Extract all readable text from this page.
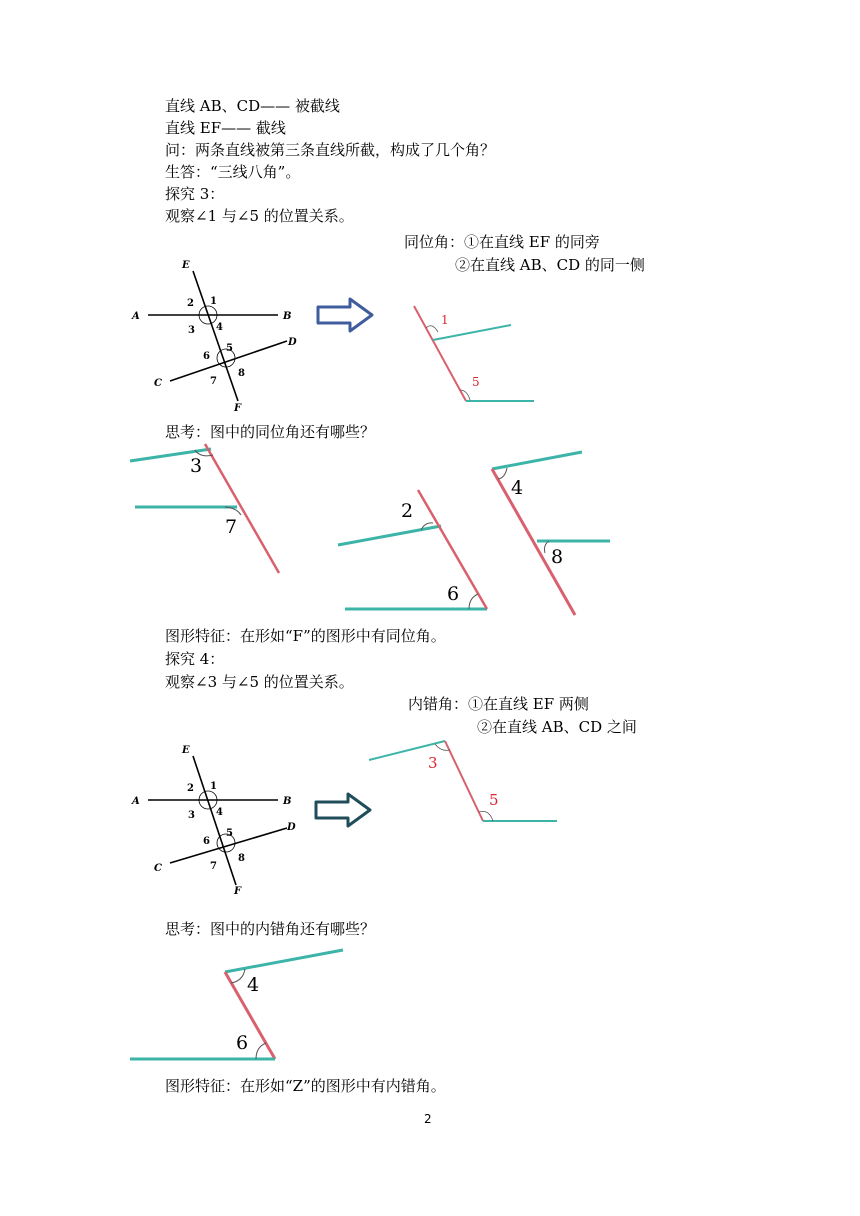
直线 AB、CD—— 被截线
直线 EF—— 截线
问：两条直线被第三条直线所截，构成了几个角？
生答：“三线八角”。
探究 3：
观察∠1 与∠5 的位置关系。
同位角：①在直线 EF 的同旁
②在直线 AB、CD 的同一侧
思考：图中的同位角还有哪些？
图形特征：在形如“F”的图形中有同位角。
探究 4：
观察∠3 与∠5 的位置关系。
内错角：①在直线 EF 两侧
②在直线 AB、CD 之间
思考：图中的内错角还有哪些？
图形特征：在形如“Z”的图形中有内错角。
2
A	B
C
D
E
F
1
2
3 4
5
6
7
8
1
5
3
7
2
6
4
8
A	B
C
D
E
F
1
2
3 4
5
6
7
8
3
5
4
6
